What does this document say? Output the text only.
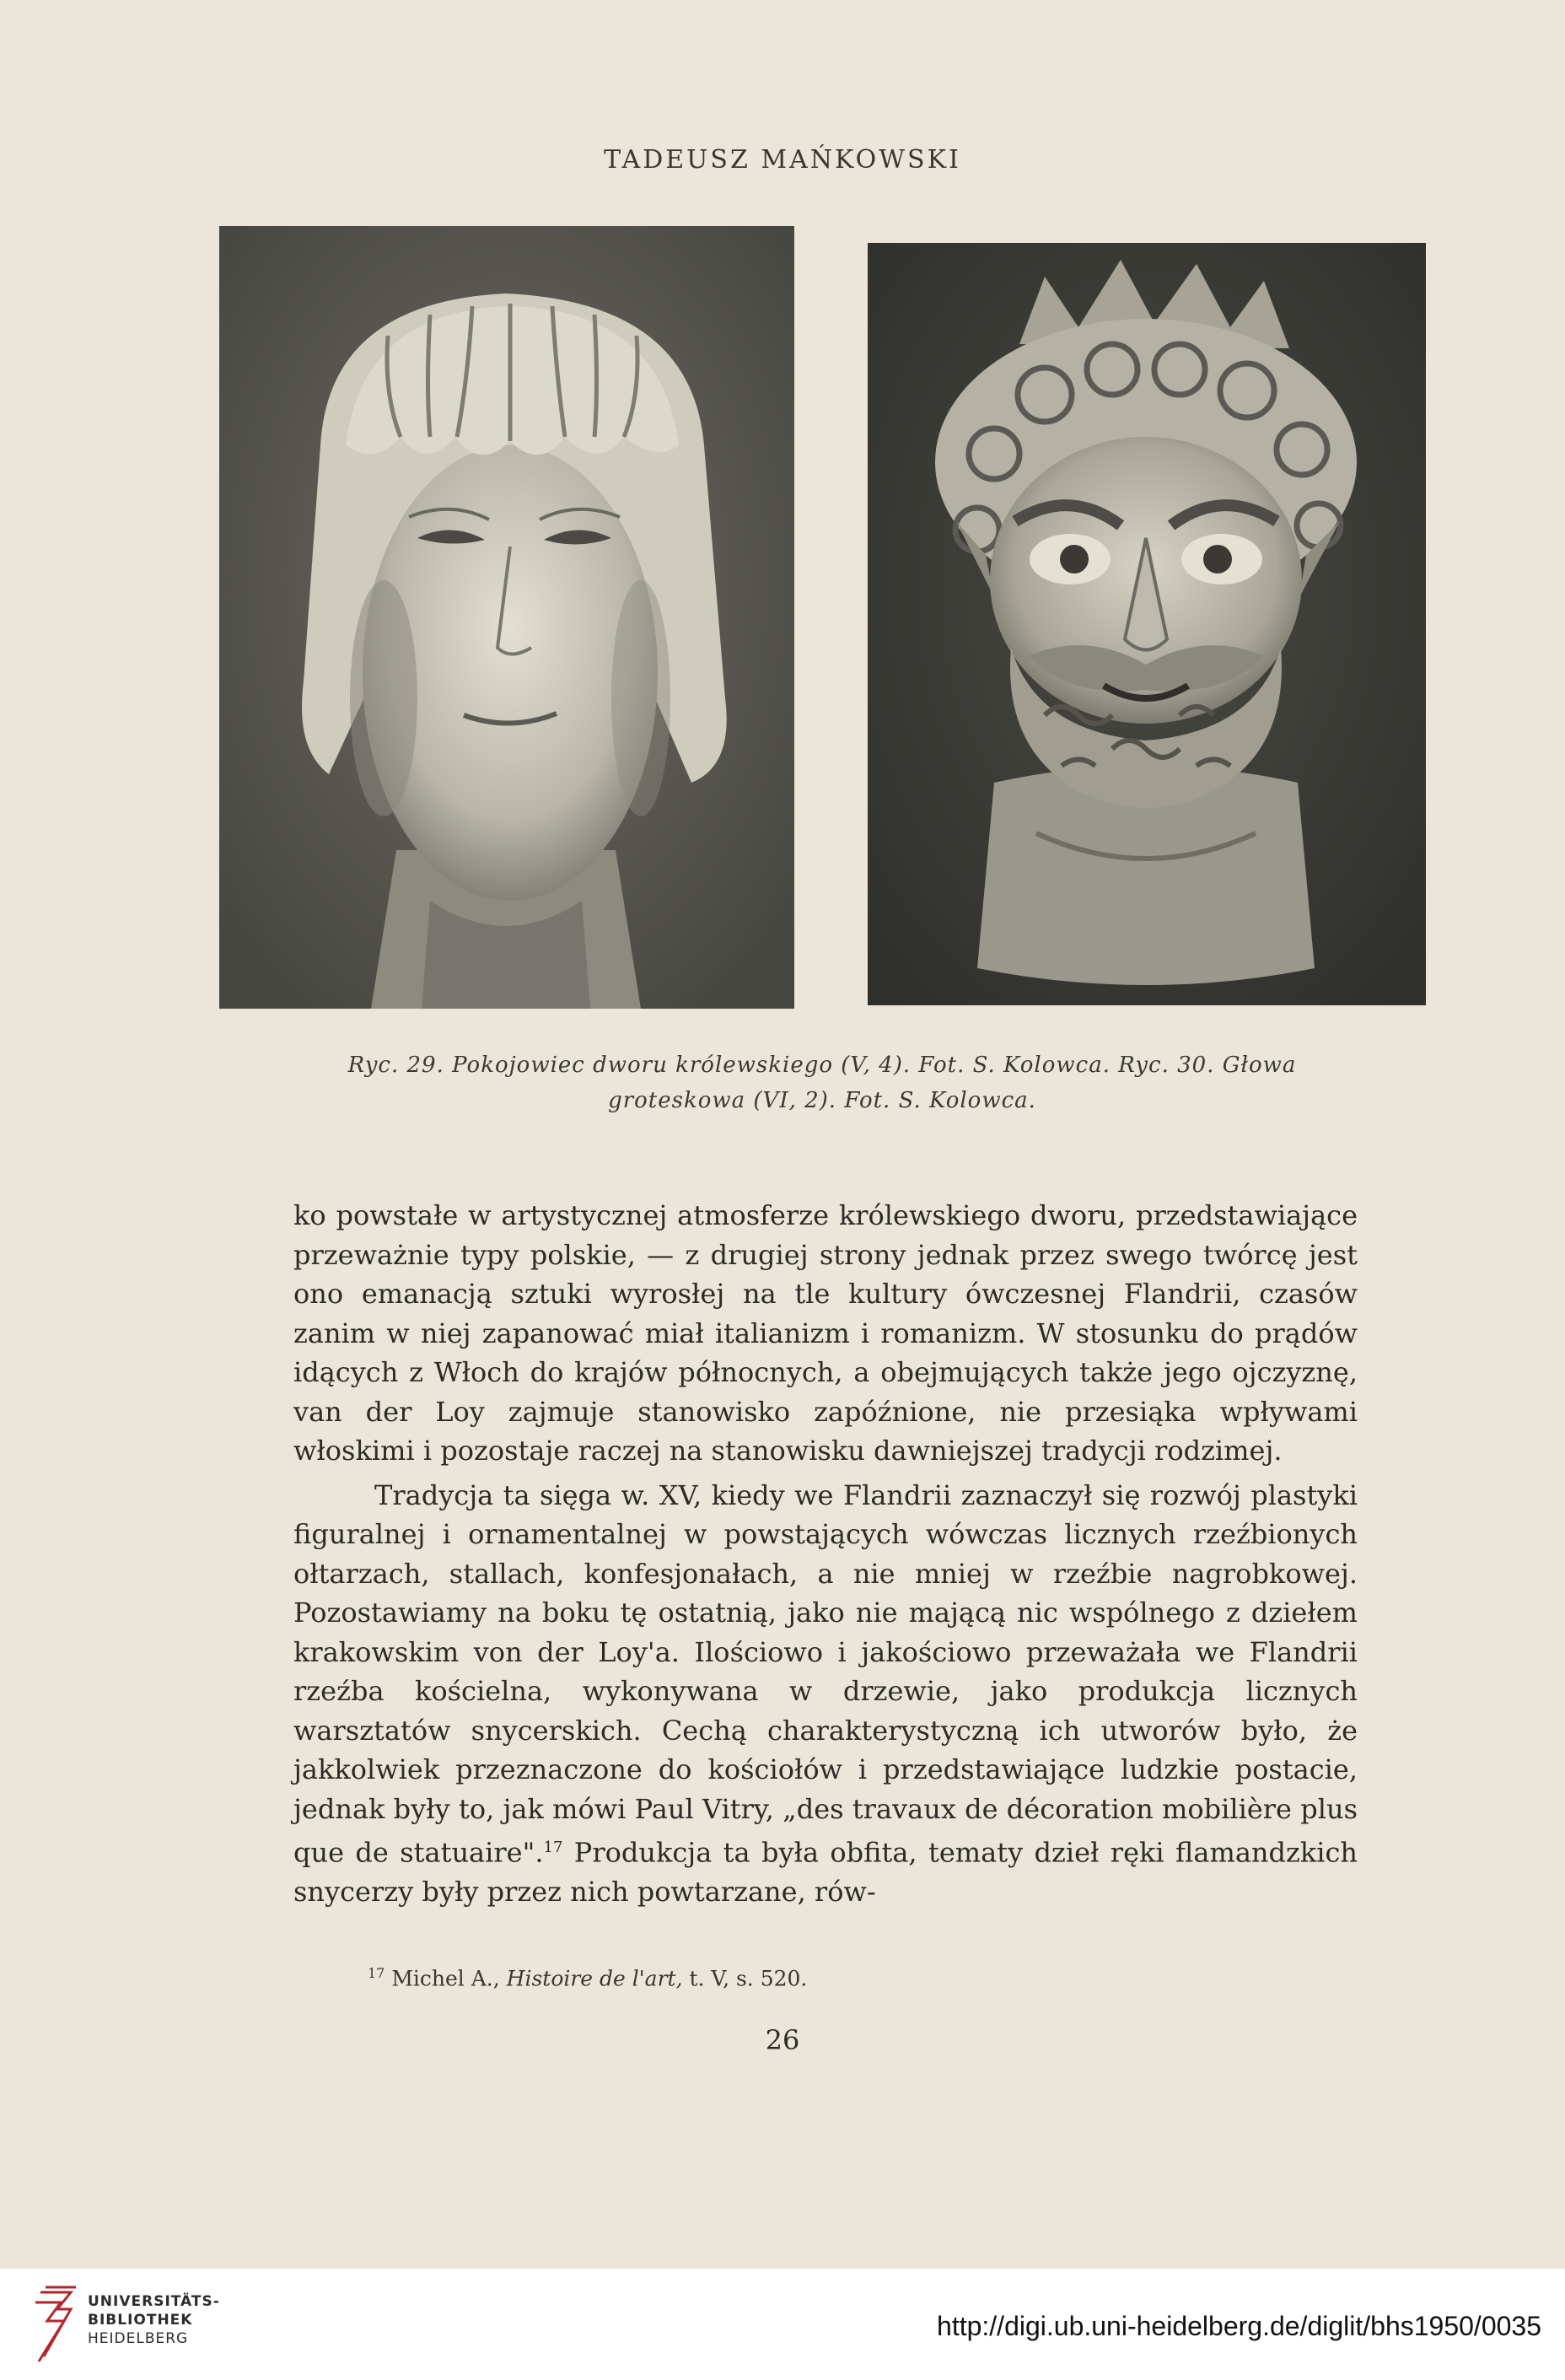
TADEUSZ MAŃKOWSKI
Ryc. 29. Pokojowiec dworu królewskiego (V, 4). Fot. S. Kolowca. Ryc. 30. Głowa
groteskowa (VI, 2). Fot. S. Kolowca.

ko powstałe w artystycznej atmosferze królewskiego dworu, przedstawiające przeważnie typy polskie, — z drugiej strony jednak przez swego twórcę jest ono emanacją sztuki wyrosłej na tle kultury ówczesnej Flandrii, czasów zanim w niej zapanować miał italianizm i romanizm. W stosunku do prądów idących z Włoch do krajów północnych, a obejmujących także jego ojczyznę, van der Loy zajmuje stanowisko zapóźnione, nie przesiąka wpływami włoskimi i pozostaje raczej na stanowisku dawniejszej tradycji rodzimej.

Tradycja ta sięga w. XV, kiedy we Flandrii zaznaczył się rozwój plastyki figuralnej i ornamentalnej w powstających wówczas licznych rzeźbionych ołtarzach, stallach, konfesjonałach, a nie mniej w rzeźbie nagrobkowej. Pozostawiamy na boku tę ostatnią, jako nie mającą nic wspólnego z dziełem krakowskim von der Loy'a. Ilościowo i jakościowo przeważała we Flandrii rzeźba kościelna, wykonywana w drzewie, jako produkcja licznych warsztatów snycerskich. Cechą charakterystyczną ich utworów było, że jakkolwiek przeznaczone do kościołów i przedstawiające ludzkie postacie, jednak były to, jak mówi Paul Vitry, „des travaux de décoration mobilière plus que de statuaire".$^{17}$ Produkcja ta była obfita, tematy dzieł ręki flamandzkich snycerzy były przez nich powtarzane, rów-

$^{17}$ Michel A., Histoire de l'art, t. V, s. 520.
26
UNIVERSITÄTS-
BIBLIOTHEK
HEIDELBERG	http://digi.ub.uni-heidelberg.de/diglit/bhs1950/0035
